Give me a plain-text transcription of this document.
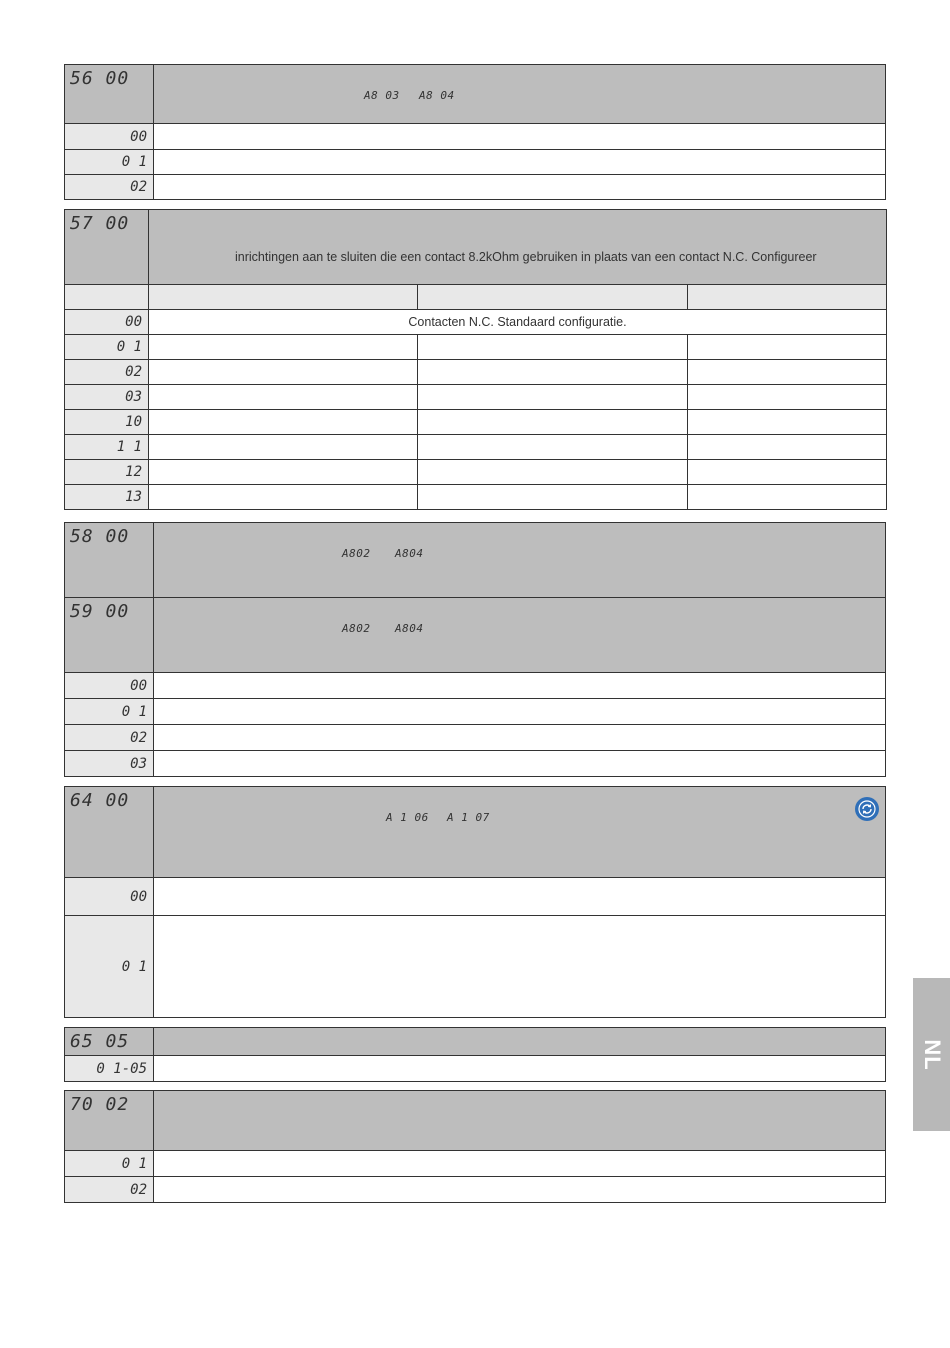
56 00	A8 03 A8 04

00	
0 1	
02	
57 00	inrichtingen aan te sluiten die een contact 8.2kOhm gebruiken in plaats van een contact N.C. Configureer		

00	Contacten N.C. Standaard configuratie.		
0 1			
02			
03			
10			
1 1			
12			
13			
58 00	A802 A804

59 00	A802 A804

00	
0 1	
02	
03	
64 00	A 1 06 A 1 07

00	
0 1	
65 05	
0 1-05	
70 02	
0 1	
02	
NL
